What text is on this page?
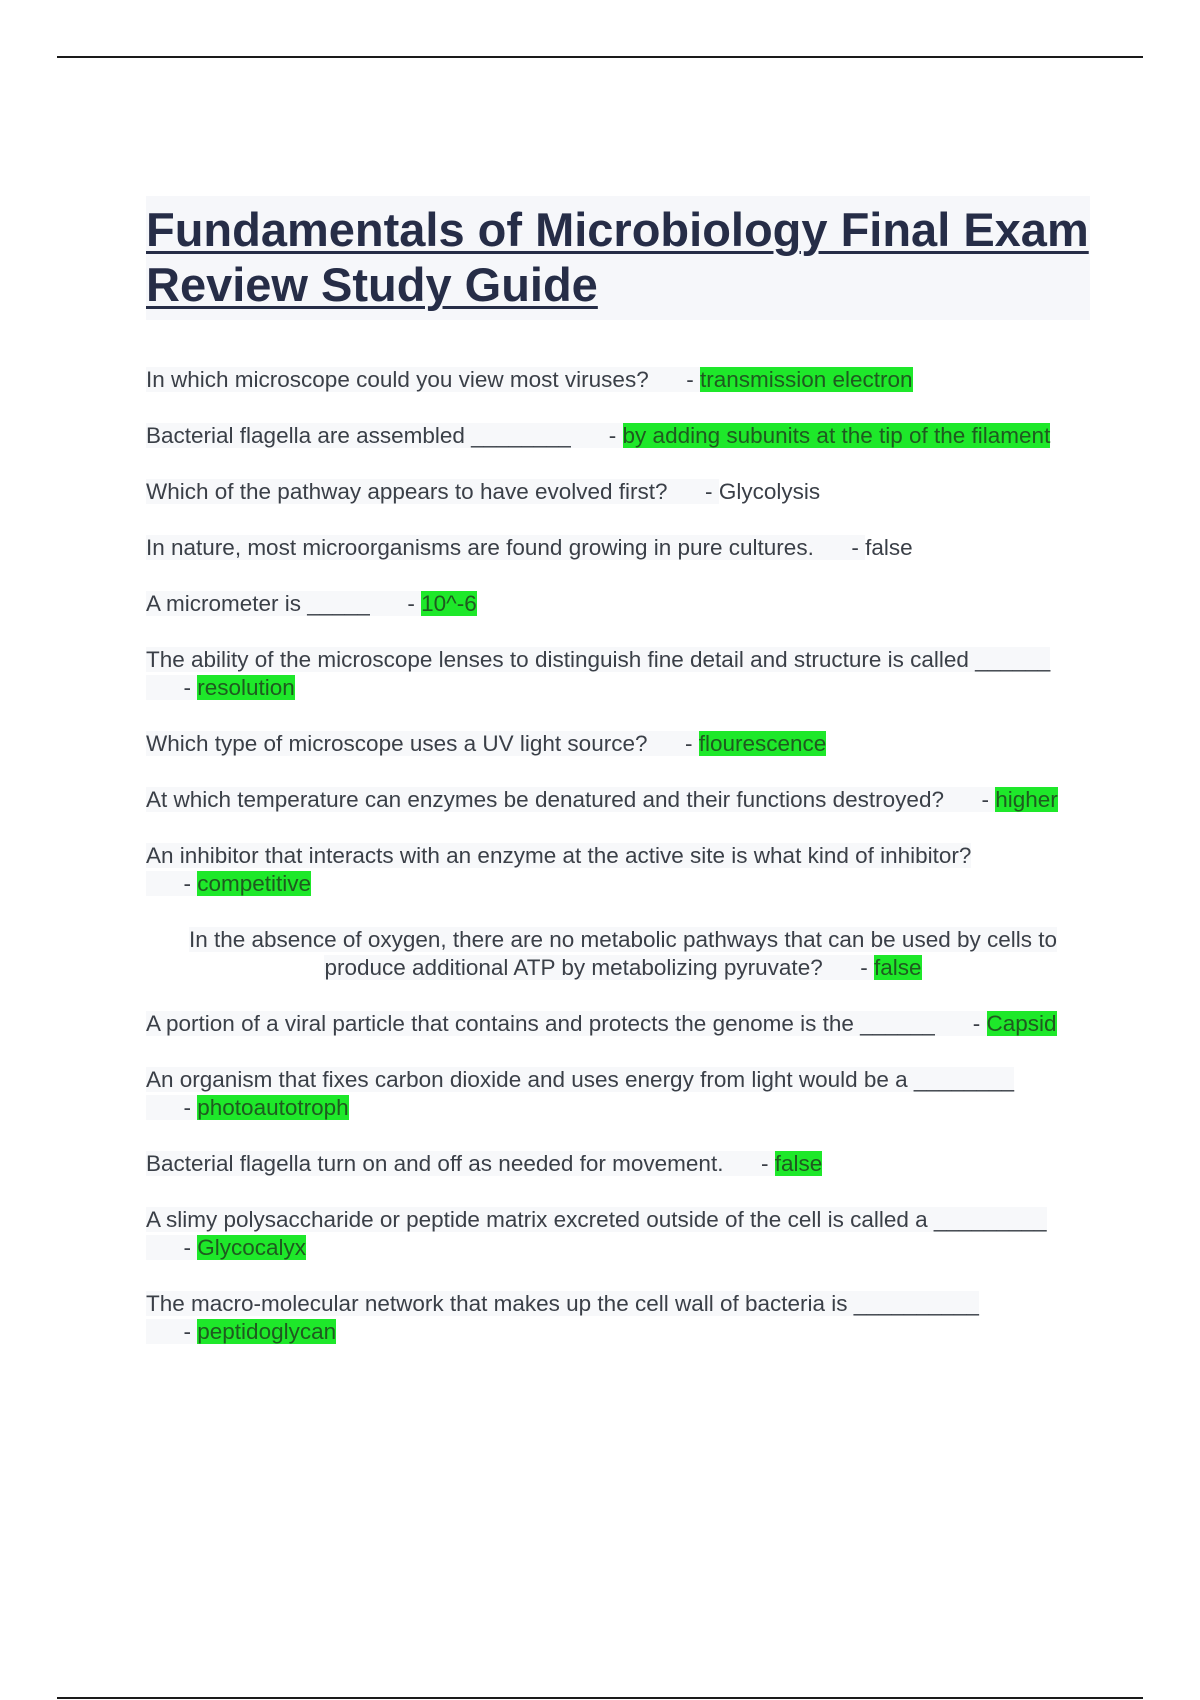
Fundamentals of Microbiology Final Exam Review Study Guide

In which microscope could you view most viruses?      - transmission electron

Bacterial flagella are assembled ________      - by adding subunits at the tip of the filament

Which of the pathway appears to have evolved first?      - Glycolysis

In nature, most microorganisms are found growing in pure cultures.      - false

A micrometer is _____      - 10^-6

The ability of the microscope lenses to distinguish fine detail and structure is called ______      - resolution

Which type of microscope uses a UV light source?      - flourescence

At which temperature can enzymes be denatured and their functions destroyed?      - higher

An inhibitor that interacts with an enzyme at the active site is what kind of inhibitor?      - competitive

In the absence of oxygen, there are no metabolic pathways that can be used by cells to produce additional ATP by metabolizing pyruvate?      - false

A portion of a viral particle that contains and protects the genome is the ______      - Capsid

An organism that fixes carbon dioxide and uses energy from light would be a ________      - photoautotroph

Bacterial flagella turn on and off as needed for movement.      - false

A slimy polysaccharide or peptide matrix excreted outside of the cell is called a _________      - Glycocalyx

The macro-molecular network that makes up the cell wall of bacteria is __________      - peptidoglycan
